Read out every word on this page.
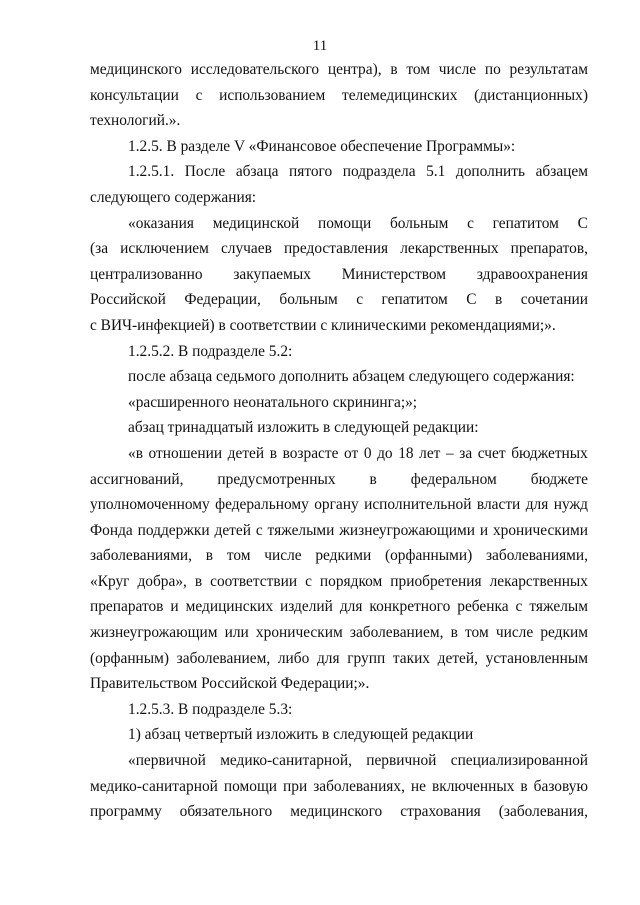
11
медицинского исследовательского центра), в том числе по результатам
консультации с использованием телемедицинских (дистанционных)
технологий.».
1.2.5. В разделе V «Финансовое обеспечение Программы»:
1.2.5.1. После абзаца пятого подраздела 5.1 дополнить абзацем
следующего содержания:
«оказания медицинской помощи больным с гепатитом С
(за исключением случаев предоставления лекарственных препаратов,
централизованно закупаемых Министерством здравоохранения
Российской Федерации, больным с гепатитом С в сочетании
с ВИЧ-инфекцией) в соответствии с клиническими рекомендациями;».
1.2.5.2. В подразделе 5.2:
после абзаца седьмого дополнить абзацем следующего содержания:
«расширенного неонатального скрининга;»;
абзац тринадцатый изложить в следующей редакции:
«в отношении детей в возрасте от 0 до 18 лет – за счет бюджетных
ассигнований, предусмотренных в федеральном бюджете
уполномоченному федеральному органу исполнительной власти для нужд
Фонда поддержки детей с тяжелыми жизнеугрожающими и хроническими
заболеваниями, в том числе редкими (орфанными) заболеваниями,
«Круг добра», в соответствии с порядком приобретения лекарственных
препаратов и медицинских изделий для конкретного ребенка с тяжелым
жизнеугрожающим или хроническим заболеванием, в том числе редким
(орфанным) заболеванием, либо для групп таких детей, установленным
Правительством Российской Федерации;».
1.2.5.3. В подразделе 5.3:
1) абзац четвертый изложить в следующей редакции
«первичной медико-санитарной, первичной специализированной
медико-санитарной помощи при заболеваниях, не включенных в базовую
программу обязательного медицинского страхования (заболевания,
